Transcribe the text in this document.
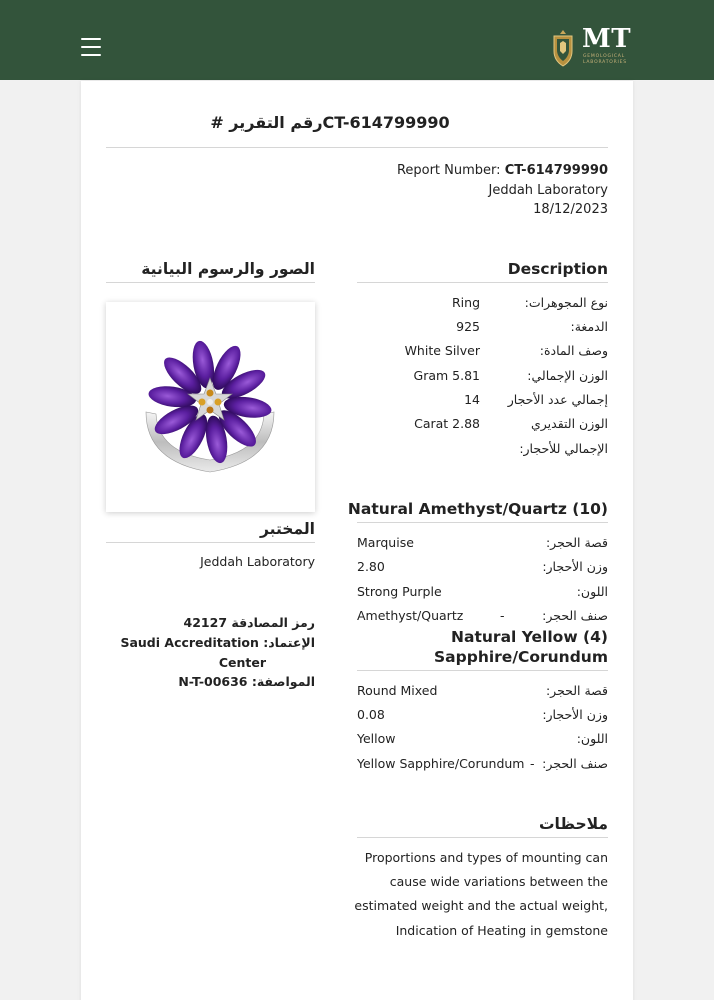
MT
GEMOLOGICAL LABORATORIES
رقم التقرير #CT-614799990
Report Number: CT-614799990
Jeddah Laboratory
18/12/2023
الصور والرسوم البيانية	Description
نوع المجوهرات:
Ring
الدمغة:
925
وصف المادة:
White Silver
الوزن الإجمالي:
Gram 5.81
إجمالي عدد الأحجار
14
الوزن التقديري
Carat 2.88
الإجمالي للأحجار:
المختبر
Jeddah Laboratory
رمز المصادقة 42127
الإعتماد: Saudi Accreditation
Center
المواصفة: N-T-00636
Natural Amethyst/Quartz (10)
قصة الحجر:
Marquise
وزن الأحجار:
2.80
اللون:
Strong Purple
صنف الحجر:
-
Amethyst/Quartz
Natural Yellow (4)
Sapphire/Corundum
قصة الحجر:
Round Mixed
وزن الأحجار:
0.08
اللون:
Yellow
صنف الحجر:
-
Yellow Sapphire/Corundum
ملاحظات
Proportions and types of mounting can
cause wide variations between the
estimated weight and the actual weight,
Indication of Heating in gemstone
